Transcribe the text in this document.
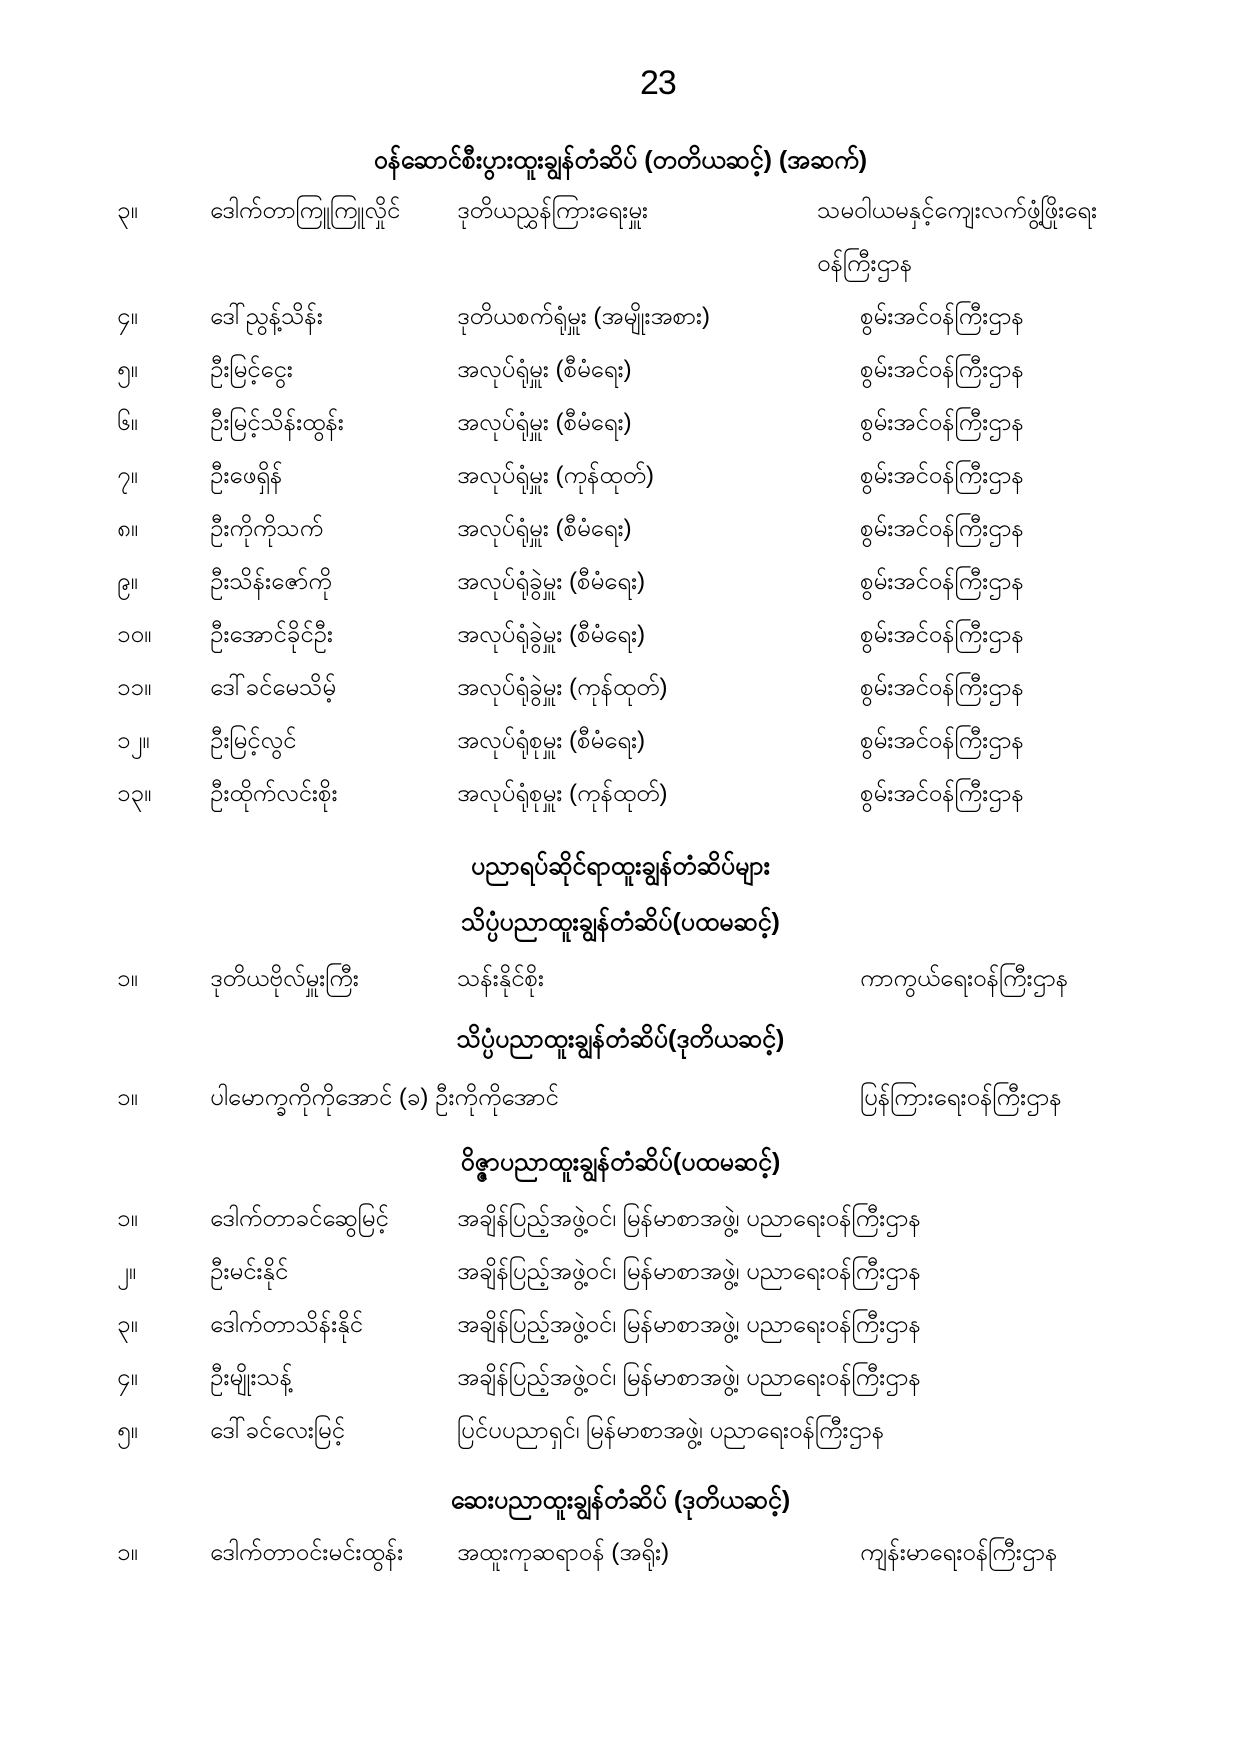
23
ဝန်ဆောင်စီးပွားထူးချွန်တံဆိပ် (တတိယဆင့်) (အဆက်)
၃။	ဒေါက်တာကြူကြူလှိုင်	ဒုတိယညွှန်ကြားရေးမှူး	သမဝါယမနှင့်ကျေးလက်ဖွံ့ဖြိုးရေး
ဝန်ကြီးဌာန
၄။	ဒေါ်ညွန့်သိန်း	ဒုတိယစက်ရုံမှူး (အမျိုးအစား)	စွမ်းအင်ဝန်ကြီးဌာန
၅။	ဦးမြင့်ငွေး	အလုပ်ရုံမှူး (စီမံရေး)	စွမ်းအင်ဝန်ကြီးဌာန
၆။	ဦးမြင့်သိန်းထွန်း	အလုပ်ရုံမှူး (စီမံရေး)	စွမ်းအင်ဝန်ကြီးဌာန
၇။	ဦးဖေရှိန်	အလုပ်ရုံမှူး (ကုန်ထုတ်)	စွမ်းအင်ဝန်ကြီးဌာန
၈။	ဦးကိုကိုသက်	အလုပ်ရုံမှူး (စီမံရေး)	စွမ်းအင်ဝန်ကြီးဌာန
၉။	ဦးသိန်းဇော်ကို	အလုပ်ရုံခွဲမှူး (စီမံရေး)	စွမ်းအင်ဝန်ကြီးဌာန
၁၀။	ဦးအောင်ခိုင်ဦး	အလုပ်ရုံခွဲမှူး (စီမံရေး)	စွမ်းအင်ဝန်ကြီးဌာန
၁၁။	ဒေါ်ခင်မေသိမ့်	အလုပ်ရုံခွဲမှူး (ကုန်ထုတ်)	စွမ်းအင်ဝန်ကြီးဌာန
၁၂။	ဦးမြင့်လွင်	အလုပ်ရုံစုမှူး (စီမံရေး)	စွမ်းအင်ဝန်ကြီးဌာန
၁၃။	ဦးထိုက်လင်းစိုး	အလုပ်ရုံစုမှူး (ကုန်ထုတ်)	စွမ်းအင်ဝန်ကြီးဌာန
ပညာရပ်ဆိုင်ရာထူးချွန်တံဆိပ်များ
သိပ္ပံပညာထူးချွန်တံဆိပ်(ပထမဆင့်)
၁။	ဒုတိယဗိုလ်မှူးကြီး	သန်းနိုင်စိုး	ကာကွယ်ရေးဝန်ကြီးဌာန
သိပ္ပံပညာထူးချွန်တံဆိပ်(ဒုတိယဆင့်)
၁။	ပါမောက္ခကိုကိုအောင် (ခ) ဦးကိုကိုအောင်	ပြန်ကြားရေးဝန်ကြီးဌာန
ဝိဇ္ဇာပညာထူးချွန်တံဆိပ်(ပထမဆင့်)
၁။	ဒေါက်တာခင်ဆွေမြင့်	အချိန်ပြည့်အဖွဲ့ဝင်၊ မြန်မာစာအဖွဲ့၊ ပညာရေးဝန်ကြီးဌာန
၂။	ဦးမင်းနိုင်	အချိန်ပြည့်အဖွဲ့ဝင်၊ မြန်မာစာအဖွဲ့၊ ပညာရေးဝန်ကြီးဌာန
၃။	ဒေါက်တာသိန်းနိုင်	အချိန်ပြည့်အဖွဲ့ဝင်၊ မြန်မာစာအဖွဲ့၊ ပညာရေးဝန်ကြီးဌာန
၄။	ဦးမျိုးသန့်	အချိန်ပြည့်အဖွဲ့ဝင်၊ မြန်မာစာအဖွဲ့၊ ပညာရေးဝန်ကြီးဌာန
၅။	ဒေါ်ခင်လေးမြင့်	ပြင်ပပညာရှင်၊ မြန်မာစာအဖွဲ့၊ ပညာရေးဝန်ကြီးဌာန
ဆေးပညာထူးချွန်တံဆိပ် (ဒုတိယဆင့်)
၁။	ဒေါက်တာဝင်းမင်းထွန်း	အထူးကုဆရာဝန် (အရိုး)	ကျန်းမာရေးဝန်ကြီးဌာန
